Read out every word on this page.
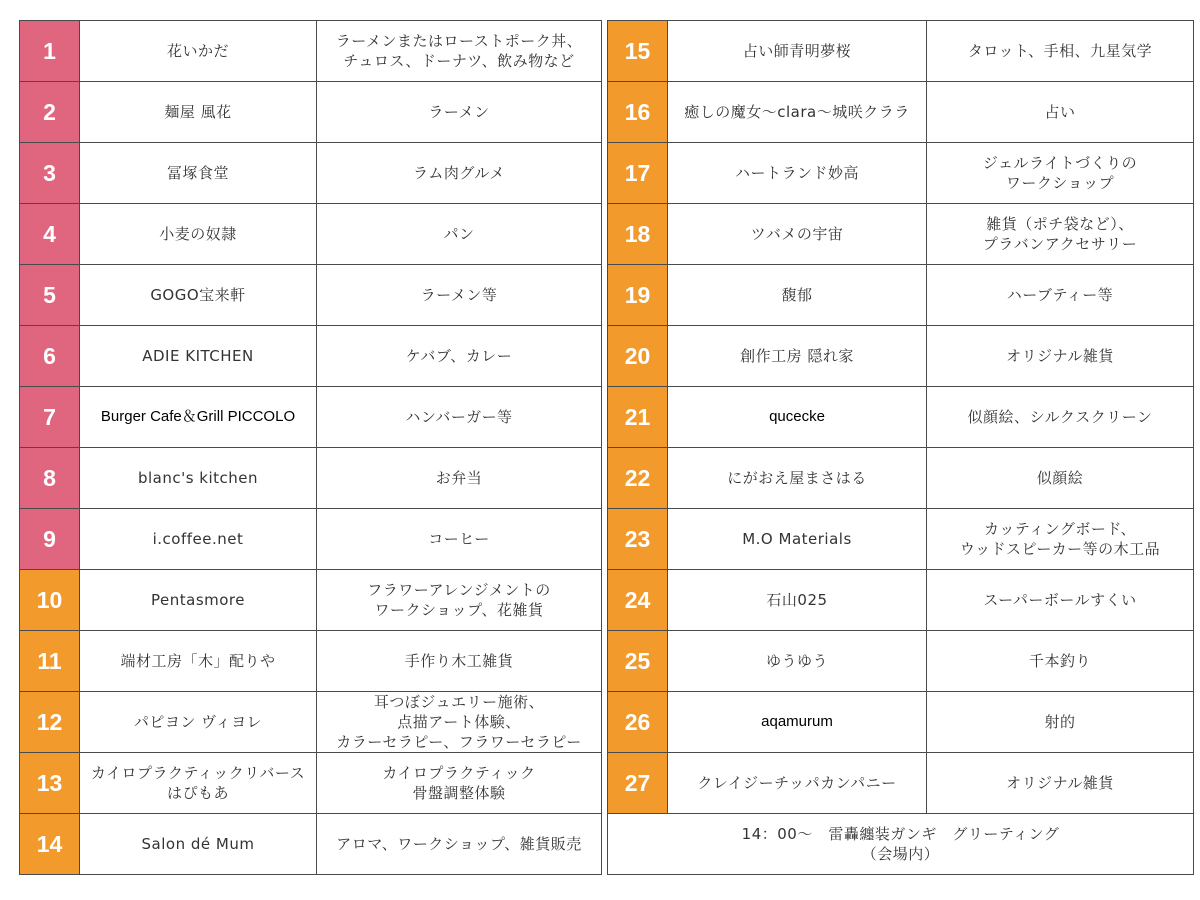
1	花いかだ	ラーメンまたはローストポーク丼、
チュロス、ドーナツ、飲み物など
2	麺屋 風花	ラーメン
3	冨塚食堂	ラム肉グルメ
4	小麦の奴隷	パン
5	GOGO宝来軒	ラーメン等
6	ADIE KITCHEN	ケバブ、カレー
7	Burger Cafe＆Grill PICCOLO	ハンバーガー等
8	blanc's kitchen	お弁当
9	i.coffee.net	コーヒー
10	Pentasmore	フラワーアレンジメントの
ワークショップ、花雑貨
11	端材工房「木」配りや	手作り木工雑貨
12	パピヨン ヴィヨレ	耳つぼジュエリー施術、
点描アート体験、
カラーセラピー、フラワーセラピー
13	カイロプラクティックリバース
はぴもあ	カイロプラクティック
骨盤調整体験
14	Salon dé Mum	アロマ、ワークショップ、雑貨販売
15	占い師青明夢桜	タロット、手相、九星気学
16	癒しの魔女〜clara〜城咲クララ	占い
17	ハートランド妙高	ジェルライトづくりの
ワークショップ
18	ツバメの宇宙	雑貨（ポチ袋など）、
プラバンアクセサリー
19	馥郁	ハーブティー等
20	創作工房 隠れ家	オリジナル雑貨
21	qucecke	似顔絵、シルクスクリーン
22	にがおえ屋まさはる	似顔絵
23	M.O Materials	カッティングボード、
ウッドスピーカー等の木工品
24	石山025	スーパーボールすくい
25	ゆうゆう	千本釣り
26	aqamurum	射的
27	クレイジーチッパカンパニー	オリジナル雑貨
14：00〜　雷轟纏装ガンギ　グリーティング
（会場内）		
